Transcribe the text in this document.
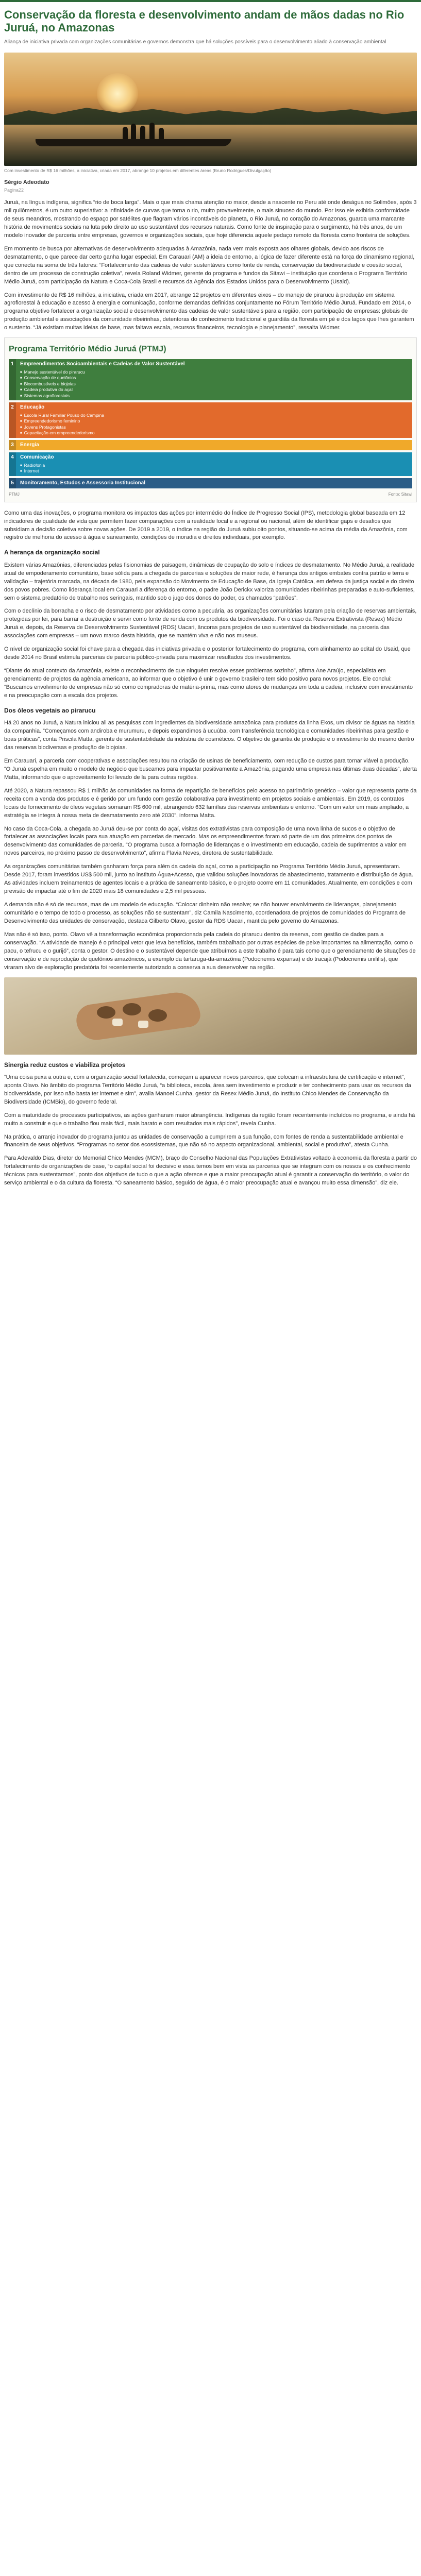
Conservação da floresta e desenvolvimento andam de mãos dadas no Rio Juruá, no Amazonas

Aliança de iniciativa privada com organizações comunitárias e governos demonstra que há soluções possíveis para o desenvolvimento aliado à conservação ambiental

Com investimento de R$ 16 milhões, a iniciativa, criada em 2017, abrange 10 projetos em diferentes áreas (Bruno Rodrigues/Divulgação)

Sérgio Adeodato

Pagina22

Juruá, na língua indígena, significa “rio de boca larga”. Mais o que mais chama atenção no maior, desde a nascente no Peru até onde deságua no Solimões, após 3 mil quilômetros, é um outro superlativo: a infinidade de curvas que torna o rio, muito provavelmente, o mais sinuoso do mundo. Por isso ele exibiria conformidade de seus meandros, mostrando do espaço por satélites que flagram vários incontáveis do planeta, o Rio Juruá, no coração do Amazonas, guarda uma marcante história de movimentos sociais na luta pelo direito ao uso sustentável dos recursos naturais. Como fonte de inspiração para o surgimento, há três anos, de um modelo inovador de parceria entre empresas, governos e organizações sociais, que hoje diferencia aquele pedaço remoto da floresta como fronteira de soluções.

Em momento de busca por alternativas de desenvolvimento adequadas à Amazônia, nada vem mais exposta aos olhares globais, devido aos riscos de desmatamento, o que parece dar certo ganha lugar especial. Em Carauari (AM) a ideia de entorno, a lógica de fazer diferente está na força do dinamismo regional, que conecta na soma de três fatores: “Fortalecimento das cadeias de valor sustentáveis como fonte de renda, conservação da biodiversidade e coesão social, dentro de um processo de construção coletiva”, revela Roland Widmer, gerente do programa e fundos da Sitawi – instituição que coordena o Programa Território Médio Juruá, com participação da Natura e Coca-Cola Brasil e recursos da Agência dos Estados Unidos para o Desenvolvimento (Usaid).

Com investimento de R$ 16 milhões, a iniciativa, criada em 2017, abrange 12 projetos em diferentes eixos – do manejo de pirarucu à produção em sistema agroflorestal à educação e acesso à energia e comunicação, conforme demandas definidas conjuntamente no Fórum Território Médio Juruá. Fundado em 2014, o programa objetivo fortalecer a organização social e desenvolvimento das cadeias de valor sustentáveis para a região, com participação de empresas: globais de produção ambiental e associações da comunidade ribeirinhas, detentoras do conhecimento tradicional e guardiãs da floresta em pé e dos lagos que lhes garantem o sustento. “Já existiam muitas ideias de base, mas faltava escala, recursos financeiros, tecnologia e planejamento”, ressalta Widmer.

Programa Território Médio Juruá (PTMJ)
1	Empreendimentos Socioambientais e Cadeias de Valor Sustentável
■ Manejo sustentável do pirarucu
■ Conservação de quelônios
■ Biocombustíveis e biojoias
■ Cadeia produtiva do açaí
■ Sistemas agroflorestais
2	Educação
■ Escola Rural Familiar Pouso do Campina
■ Empreendedorismo feminino
■ Jovens Protagonistas
■ Capacitação em empreendedorismo
3	Energia
4	Comunicação
■ Radiofonia
■ Internet
5	Monitoramento, Estudos e Assessoria Institucional
PTMJ	Fonte: Sitawi

Como uma das inovações, o programa monitora os impactos das ações por intermédio do Índice de Progresso Social (IPS), metodologia global baseada em 12 indicadores de qualidade de vida que permitem fazer comparações com a realidade local e a regional ou nacional, além de identificar gaps e desafios que subsidiam a decisão coletiva sobre novas ações. De 2019 a 2019, o índice na região do Juruá subiu oito pontos, situando-se acima da média da Amazônia, com registro de melhoria do acesso à água e saneamento, condições de moradia e direitos individuais, por exemplo.

A herança da organização social

Existem várias Amazônias, diferenciadas pelas fisionomias de paisagem, dinâmicas de ocupação do solo e índices de desmatamento. No Médio Juruá, a realidade atual de empoderamento comunitário, base sólida para a chegada de parcerias e soluções de maior rede, é herança dos antigos embates contra patrão e terra e validação – trajetória marcada, na década de 1980, pela expansão do Movimento de Educação de Base, da Igreja Católica, em defesa da justiça social e do direito dos povos pobres. Como liderança local em Carauari a diferença do entorno, o padre João Derickx valoriza comunidades ribeirinhas preparadas e auto-suficientes, sem o sistema predatório de trabalho nos seringais, mantido sob o jugo dos donos do poder, os chamados “patrões”.

Com o declínio da borracha e o risco de desmatamento por atividades como a pecuária, as organizações comunitárias lutaram pela criação de reservas ambientais, protegidas por lei, para barrar a destruição e servir como fonte de renda com os produtos da biodiversidade. Foi o caso da Reserva Extrativista (Resex) Médio Juruá e, depois, da Reserva de Desenvolvimento Sustentável (RDS) Uacari, âncoras para projetos de uso sustentável da biodiversidade, na parceria das associações com empresas – um novo marco desta história, que se mantém viva e não nos museus.

O nível de organização social foi chave para a chegada das iniciativas privada e o posterior fortalecimento do programa, com alinhamento ao edital do Usaid, que desde 2014 no Brasil estimula parcerias de parceria público-privada para maximizar resultados dos investimentos.

“Diante do atual contexto da Amazônia, existe o reconhecimento de que ninguém resolve esses problemas sozinho”, afirma Ane Araújo, especialista em gerenciamento de projetos da agência americana, ao informar que o objetivo é unir o governo brasileiro tem sido positivo para novos projetos. Ele conclui: “Buscamos envolvimento de empresas não só como compradoras de matéria-prima, mas como atores de mudanças em toda a cadeia, inclusive com investimento e na preocupação com a escala dos projetos.

Dos óleos vegetais ao pirarucu

Há 20 anos no Juruá, a Natura iniciou ali as pesquisas com ingredientes da biodiversidade amazônica para produtos da linha Ekos, um divisor de águas na história da companhia. “Começamos com andiroba e murumuru, e depois expandimos à ucuúba, com transferência tecnológica e comunidades ribeirinhas para gestão e boas práticas”, conta Priscila Matta, gerente de sustentabilidade da indústria de cosméticos. O objetivo de garantia de produção e o investimento do mesmo dentro das reservas biodiversas e produção de biojoias.

Em Carauari, a parceria com cooperativas e associações resultou na criação de usinas de beneficiamento, com redução de custos para tornar viável a produção. “O Juruá espelha em muito o modelo de negócio que buscamos para impactar positivamente a Amazônia, pagando uma empresa nas últimas duas décadas”, alerta Matta, informando que o aproveitamento foi levado de la para outras regiões.

Até 2020, a Natura repassou R$ 1 milhão às comunidades na forma de repartição de benefícios pelo acesso ao patrimônio genético – valor que representa parte da receita com a venda dos produtos e é gerido por um fundo com gestão colaborativa para investimento em projetos sociais e ambientais. Em 2019, os contratos locais de fornecimento de óleos vegetais somaram R$ 600 mil, abrangendo 632 famílias das reservas ambientais e entorno. “Com um valor um mais ampliado, a estratégia se integra à nossa meta de desmatamento zero até 2030”, informa Matta.

No caso da Coca-Cola, a chegada ao Juruá deu-se por conta do açaí, visitas dos extrativistas para composição de uma nova linha de sucos e o objetivo de fortalecer as associações locais para sua atuação em parcerias de mercado. Mas os empreendimentos foram só parte de um dos primeiros dos pontos de desenvolvimento das comunidades de parceria. “O programa busca a formação de lideranças e o investimento em educação, cadeia de suprimentos a valor em novos parceiros, no próximo passo de desenvolvimento”, afirma Flavia Neves, diretora de sustentabilidade.

As organizações comunitárias também ganharam força para além da cadeia do açaí, como a participação no Programa Território Médio Juruá, apresentaram. Desde 2017, foram investidos US$ 500 mil, junto ao instituto Água+Acesso, que validou soluções inovadoras de abastecimento, tratamento e distribuição de água. As atividades incluem treinamentos de agentes locais e a prática de saneamento básico, e o projeto ocorre em 11 comunidades. Atualmente, em condições e com previsão de impactar até o fim de 2020 mais 18 comunidades e 2,5 mil pessoas.

A demanda não é só de recursos, mas de um modelo de educação. “Colocar dinheiro não resolve; se não houver envolvimento de lideranças, planejamento comunitário e o tempo de todo o processo, as soluções não se sustentam”, diz Camila Nascimento, coordenadora de projetos de comunidades do Programa de Desenvolvimento das unidades de conservação, destaca Gilberto Olavo, gestor da RDS Uacari, mantida pelo governo do Amazonas.

Mas não é só isso, ponto. Olavo vê a transformação econômica proporcionada pela cadeia do pirarucu dentro da reserva, com gestão de dados para a conservação. “A atividade de manejo é o principal vetor que leva benefícios, também trabalhado por outras espécies de peixe importantes na alimentação, como o pacu, o tefrucu e o gurijó”, conta o gestor. O destino e o sustentável depende que atribuímos a este trabalho é para tais como que o gerenciamento de situações de conservação e de reprodução de quelônios amazônicos, a exemplo da tartaruga-da-amazônia (Podocnemis expansa) e do tracajá (Podocnemis unifilis), que viraram alvo de exploração predatória foi recentemente autorizado a conserva a sua desenvolver na região.

Sinergia reduz custos e viabiliza projetos

“Uma coisa puxa a outra e, com a organização social fortalecida, começam a aparecer novos parceiros, que colocam a infraestrutura de certificação e internet”, aponta Olavo. No âmbito do programa Território Médio Juruá, “a biblioteca, escola, área sem investimento e produzir e ter conhecimento para usar os recursos da biodiversidade, por isso não basta ter internet e sim”, avalia Manoel Cunha, gestor da Resex Médio Juruá, do Instituto Chico Mendes de Conservação da Biodiversidade (ICMBio), do governo federal.

Com a maturidade de processos participativos, as ações ganharam maior abrangência. Indígenas da região foram recentemente incluídos no programa, e ainda há muito a construir e que o trabalho flou mais fácil, mais barato e com resultados mais rápidos”, revela Cunha.

Na prática, o arranjo inovador do programa juntou as unidades de conservação a cumprirem a sua função, com fontes de renda a sustentabilidade ambiental e financeira de seus objetivos. “Programas no setor dos ecossistemas, que não só no aspecto organizacional, ambiental, social e produtivo”, atesta Cunha.

Para Adevaldo Dias, diretor do Memorial Chico Mendes (MCM), braço do Conselho Nacional das Populações Extrativistas voltado à economia da floresta a partir do fortalecimento de organizações de base, “o capital social foi decisivo e essa temos bem em vista as parcerias que se integram com os nossos e os conhecimento técnicos para sustentarmos”, ponto dos objetivos de tudo o que a ação oferece e que a maior preocupação atual é garantir a conservação do território, o valor do serviço ambiental e o da cultura da floresta. “O saneamento básico, seguido de água, é o maior preocupação atual e avançou muito essa dimensão”, diz ele.
